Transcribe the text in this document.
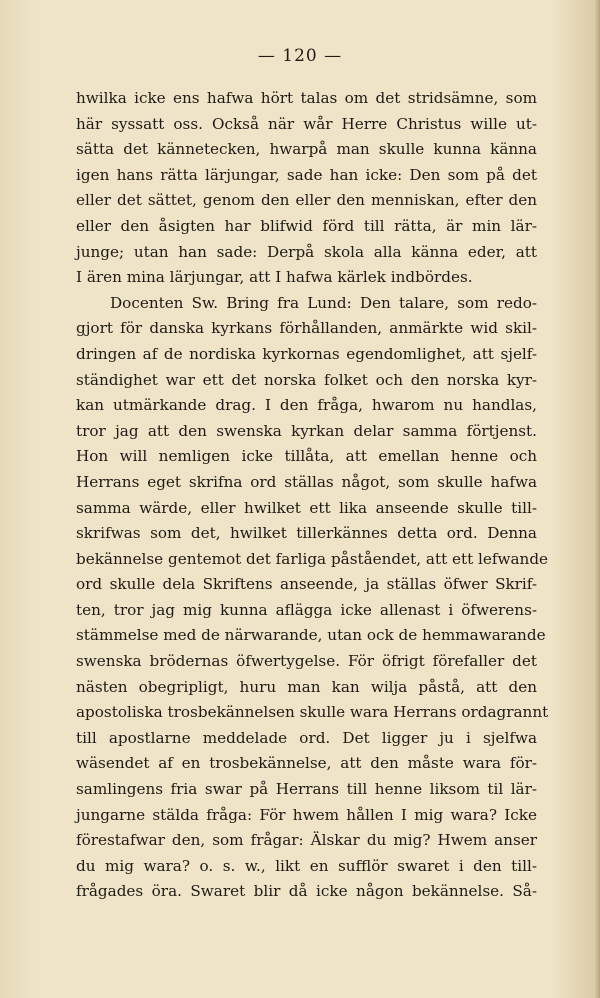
— 120 —
hwilka icke ens hafwa hört talas om det stridsämne, som
här syssatt oss. Också när wår Herre Christus wille ut-
sätta det kännetecken, hwarpå man skulle kunna känna
igen hans rätta lärjungar, sade han icke: Den som på det
eller det sättet, genom den eller den menniskan, efter den
eller den åsigten har blifwid förd till rätta, är min lär-
junge; utan han sade: Derpå skola alla känna eder, att
I ären mina lärjungar, att I hafwa kärlek indbördes.
Docenten Sw. Bring fra Lund: Den talare, som redo-
gjort för danska kyrkans förhållanden, anmärkte wid skil-
dringen af de nordiska kyrkornas egendomlighet, att sjelf-
ständighet war ett det norska folket och den norska kyr-
kan utmärkande drag. I den fråga, hwarom nu handlas,
tror jag att den swenska kyrkan delar samma förtjenst.
Hon will nemligen icke tillåta, att emellan henne och
Herrans eget skrifna ord ställas något, som skulle hafwa
samma wärde, eller hwilket ett lika anseende skulle till-
skrifwas som det, hwilket tillerkännes detta ord. Denna
bekännelse gentemot det farliga påståendet, att ett lefwande
ord skulle dela Skriftens anseende, ja ställas öfwer Skrif-
ten, tror jag mig kunna aflägga icke allenast i öfwerens-
stämmelse med de närwarande, utan ock de hemmawarande
swenska brödernas öfwertygelse. För öfrigt förefaller det
nästen obegripligt, huru man kan wilja påstå, att den
apostoliska trosbekännelsen skulle wara Herrans ordagrannt
till apostlarne meddelade ord. Det ligger ju i sjelfwa
wäsendet af en trosbekännelse, att den måste wara för-
samlingens fria swar på Herrans till henne liksom til lär-
jungarne stälda fråga: För hwem hållen I mig wara? Icke
förestafwar den, som frågar: Älskar du mig? Hwem anser
du mig wara? o. s. w., likt en sufflör swaret i den till-
frågades öra. Swaret blir då icke någon bekännelse. Så-
